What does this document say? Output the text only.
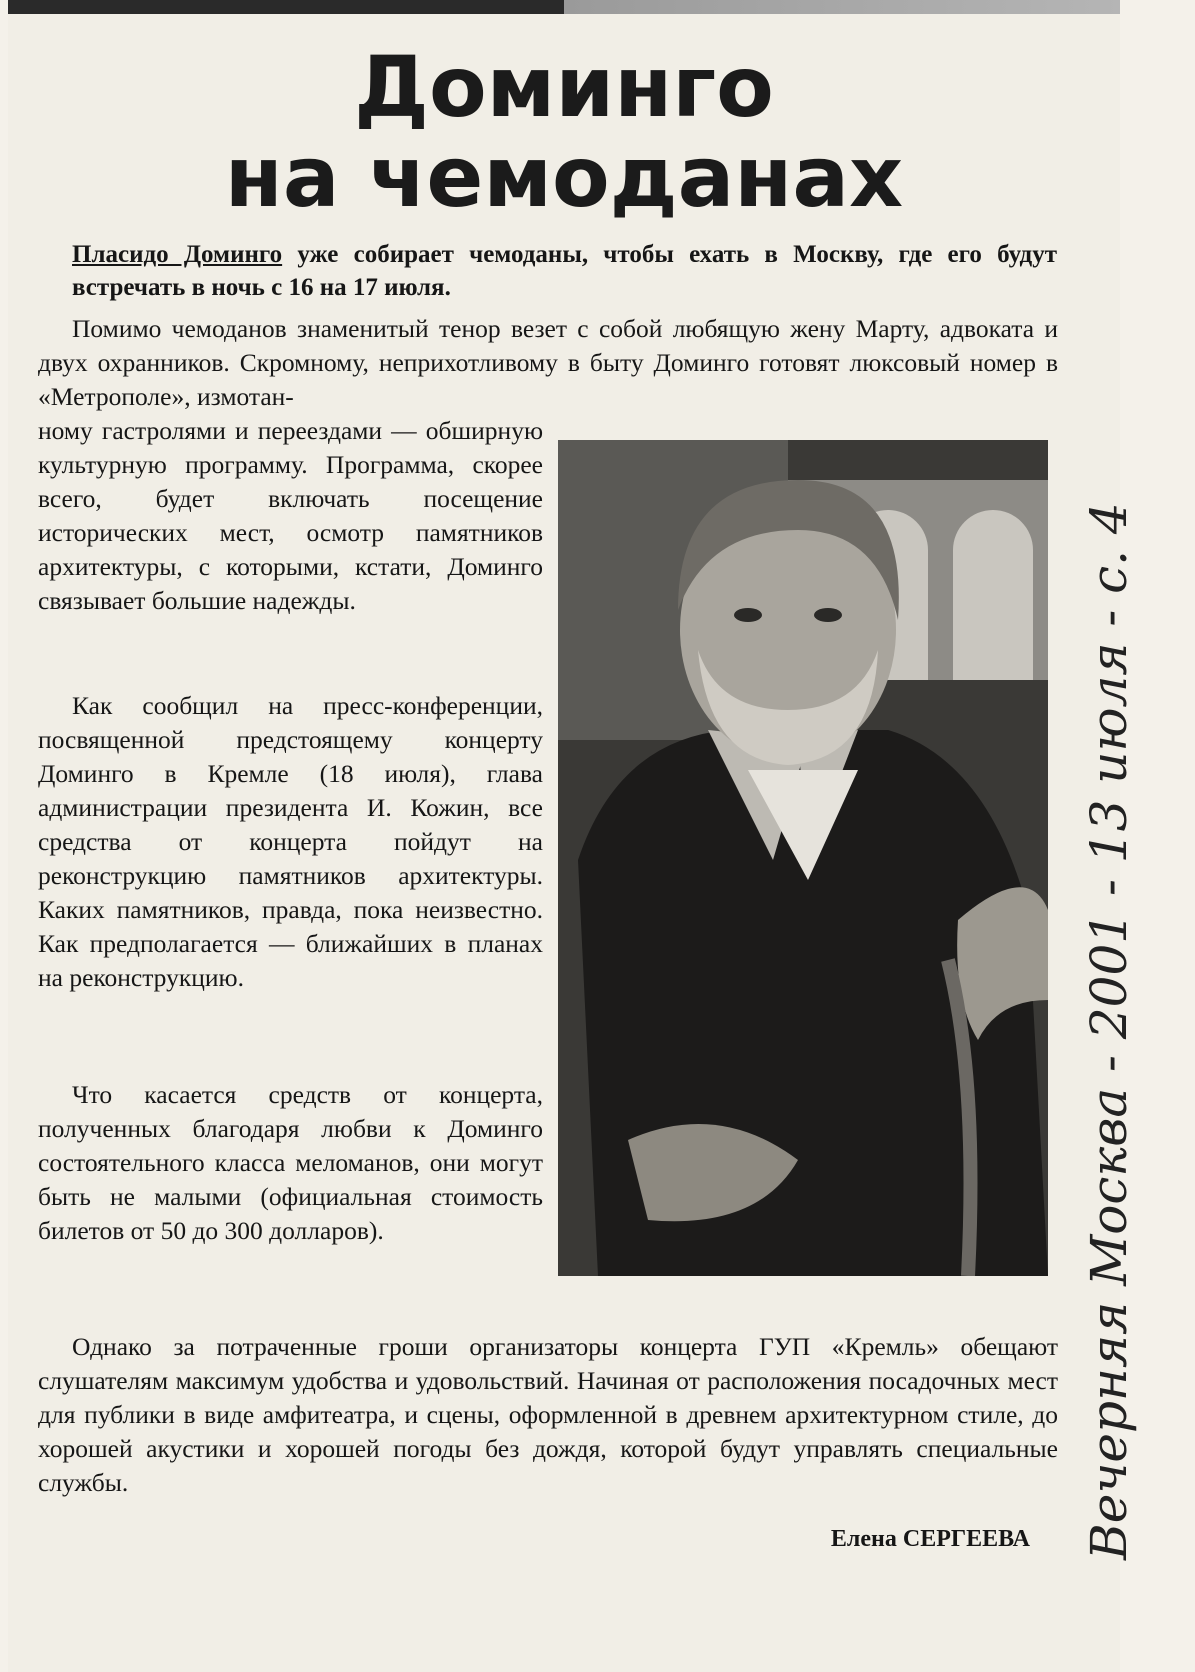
Доминго
на чемоданах
Пласидо Доминго уже собирает чемоданы, чтобы ехать в Москву, где его будут встречать в ночь с 16 на 17 июля.

Помимо чемоданов знаменитый тенор везет с собой любящую жену Марту, адвоката и двух охранников. Скромному, неприхотливому в быту Доминго готовят люксовый номер в «Метрополе», измотан-

ному гастролями и переездами — обширную культурную программу. Программа, скорее всего, будет включать посещение исторических мест, осмотр памятников архитектуры, с которыми, кстати, Доминго связывает большие надежды.
Как сообщил на пресс-конференции, посвященной предстоящему концерту Доминго в Кремле (18 июля), глава администрации президента И. Кожин, все средства от концерта пойдут на реконструкцию памятников архитектуры. Каких памятников, правда, пока неизвестно. Как предполагается — ближайших в планах на реконструкцию.
Что касается средств от концерта, полученных благодаря любви к Доминго состоятельного класса меломанов, они могут быть не малыми (официальная стоимость билетов от 50 до 300 долларов).

Однако за потраченные гроши организаторы концерта ГУП «Кремль» обещают слушателям максимум удобства и удовольствий. Начиная от расположения посадочных мест для публики в виде амфитеатра, и сцены, оформленной в древнем архитектурном стиле, до хорошей акустики и хорошей погоды без дождя, которой будут управлять специальные службы.

Елена СЕРГЕЕВА Вечерняя Москва - 2001 - 13 июля - с. 4
